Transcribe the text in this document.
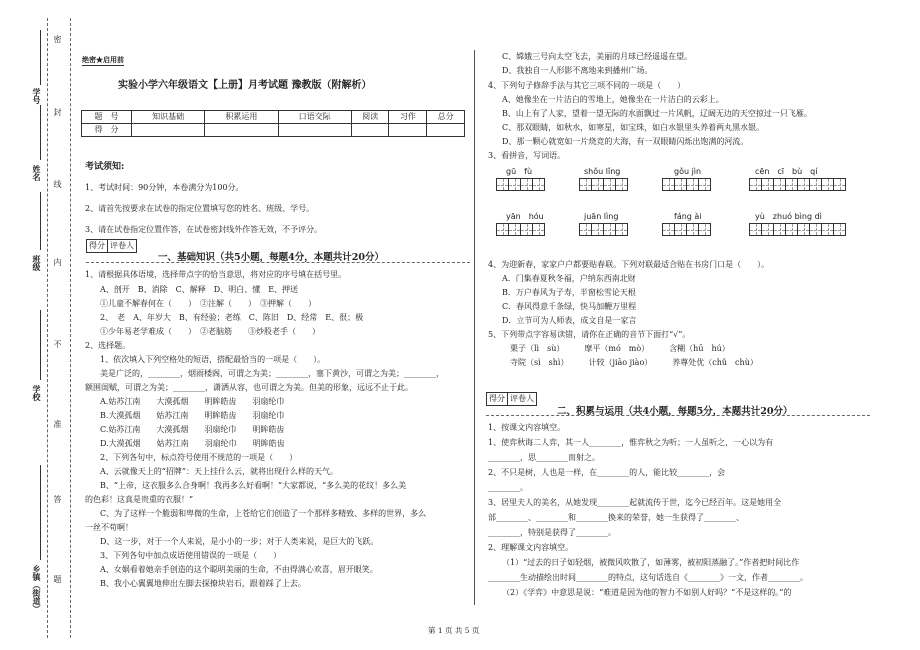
学号
姓名
班级
学校
乡镇（街道）
密
封
线
内
不
准
答
题
绝密★启用前
实验小学六年级语文【上册】月考试题 豫教版（附解析）
题　号	知识基础	积累运用	口语交际	阅读	习作	总分
得　分						
考试须知:
1、考试时间：90分钟，本卷满分为100分。
2、请首先按要求在试卷的指定位置填写您的姓名、班级、学号。
3、请在试卷指定位置作答，在试卷密封线外作答无效，不予评分。
得分 评卷人
一、基础知识（共5小题，每题4分，本题共计20分）
1、请根据具体语境，选择带点字的恰当意思，将对应的序号填在括号里。
A、剖开　B、消除　C、解释　D、明白、懂　E、押送
①儿童不解春何在（　　）　②注解（　　）　③押解（　　）
2、　老　A、年岁大　B、有经验；老练　C、陈旧　D、经常　E、很；极
①少年易老学难成（　　）　②老脑筋　　③炒股老手（　　）
2、选择题。
1、依次填入下列空格处的短语，搭配最恰当的一项是（　　）。
美是广泛的，________，烟雨楼阁，可谓之为美；________，塞下黄沙，可谓之为美；________，
额围闺赋，可谓之为美；________，潇洒从容，也可谓之为美。但美的形象，远远不止于此。
A.姑苏江南　　大漠孤烟　　明眸皓齿　　羽扇纶巾
B.大漠孤烟　　姑苏江南　　明眸皓齿　　羽扇纶巾
C.姑苏江南　　大漠孤烟　　羽扇纶巾　　明眸皓齿
D.大漠孤烟　　姑苏江南　　羽扇纶巾　　明眸皓齿
2、下列各句中，标点符号使用不规范的一项是（　　）
A、云就像天上的“招牌”：天上挂什么云，就将出现什么样的天气。
B、“上帝，这衣服多么合身啊！我再多么好看啊！”大家都说，“多么美的花纹！多么美
的色彩！这真是贵重的衣服！”
C、为了这样一个脆弱和卑微的生命，上苍给它们创造了一个那样多精致、多样的世界，多么
一丝不苟啊！
D、这一步，对于一个人来说，是小小的一步；对于人类来说，是巨大的飞跃。
3、下列各句中加点成语使用错误的一项是（　　）
A、女娲看着她亲手创造的这个聪明美丽的生命，不由得满心欢喜，眉开眼笑。
B、我小心翼翼地伸出左脚去探撩块岩石，跟着踩了上去。
C、嫦娥三号向太空飞去，美丽的月球已经遥遥在望。
D、我独自一人形影不离地来到播州广场。
4、下列句子修辞手法与其它三项不同的一项是（　　）
A、她像坐在一片洁白的雪地上，她像坐在一片洁白的云彩上。
B、山上有了人家，望着一望无际的水面飘过一片风帆，辽阔无边的天空掠过一只飞雁。
C、那双眼睛，如秋水，如寒星，如宝珠，如白水银里头养着两丸黑水银。
D、那一颗心就宽如一片烧竞的大海，有一双眼睛闪烁出饱满的河流。
3、看拼音，写词语。
gū　fù	shǒu lǐng	gǒu jìn	cēn　cī　bù　qí
yān　hóu	juān lìng	fáng ài	yù　zhuó bìng dì
4、为迎新春，家家户户都要贴春联。下列对联最适合贴在书房门口是（　　）。
A．门集春夏秋冬福，户纳东西南北财
B．万户春风为子寿，半窗松雪论天根
C．春风得意千条绿，快马加鞭万里程
D．立节可为人师表，成文自是一家言
5、下列带点字容易读错，请你在正确的音节下面打“√”。
栗子（lì　sù）　　　摩平（mó　mò）　　　含糊（hū　hú）
寺院（sì　shì）　　　计较（jiāo jiào）　　　养尊处优（chǔ　chù）
得分 评卷人
二、积累与运用（共4小题，每题5分，本题共计20分）
1、按课文内容填空。
1、使弈秋诲二人弈，其一人________，惟弈秋之为听；一人虽听之，一心以为有
________，思________而射之。
2、不只是树，人也是一样，在________的人，能比较________，会
________。
3、居里夫人的美名，从她发现________起就流传于世，迄今已经百年。这是她用全
部________、________和________换来的荣誉，她一生获得了________、
________，特别是获得了________。
2、理解课文内容填空。
（1）“过去的日子如轻烟，被微风吹散了，如薄雾，被初阳蒸融了。”作者把时间比作
________生动描绘出时间________的特点，这句话选自《________》一文，作者________。
（2）《学弈》中意思是说：“难道是因为他的智力不如别人好吗？”不是这样的。”的
第 1 页 共 5 页
